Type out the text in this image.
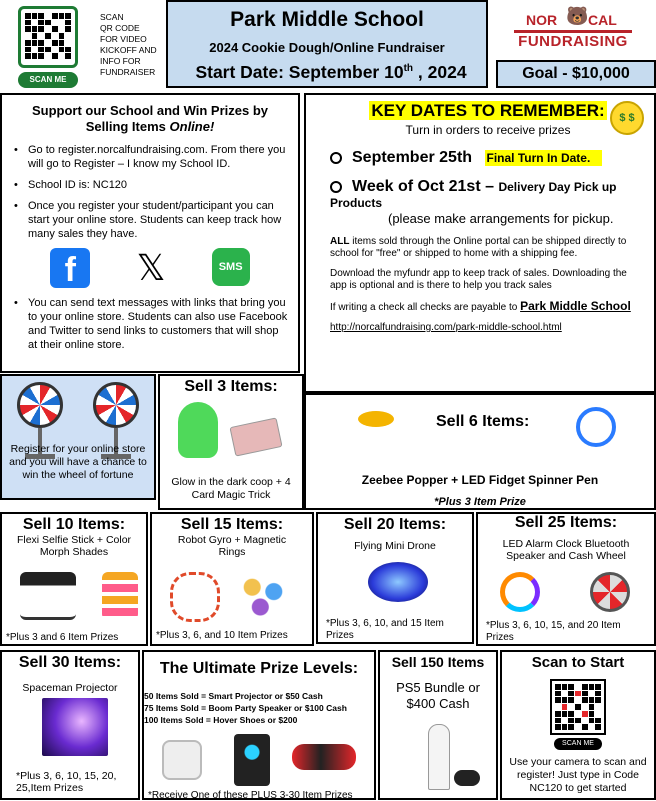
SCAN ME
SCAN
QR CODE
FOR VIDEO
KICKOFF AND
INFO FOR
FUNDRAISER
Park Middle School
2024 Cookie Dough/Online Fundraiser
Start Date: September 10th , 2024
NOR 🐻 CAL
FUNDRAISING
Goal - $10,000
Support our School and Win Prizes by Selling Items Online!
• Go to register.norcalfundraising.com. From there you will go to Register – I know my School ID.
• School ID is: NC120
• Once you register your student/participant you can start your online store. Students can keep track how many sales they have.
f	𝕏	SMS
• You can send text messages with links that bring you to your online store. Students can also use Facebook and Twitter to send links to customers that will shop at their online store.
KEY DATES TO REMEMBER:
Turn in orders to receive prizes
$ $
September 25th Final Turn In Date.
Week of Oct 21st – Delivery Day Pick up Products
(please make arrangements for pickup.
ALL items sold through the Online portal can be shipped directly to school for "free" or shipped to home with a shipping fee.
Download the myfundr app to keep track of sales. Downloading the app is optional and is there to help you track sales
If writing a check all checks are payable to Park Middle School
http://norcalfundraising.com/park-middle-school.html
Register for your online store and you will have a chance to win the wheel of fortune
Sell 3 Items:
Glow in the dark coop + 4 Card Magic Trick
Sell 6 Items:
Zeebee Popper + LED Fidget Spinner Pen
*Plus 3 Item Prize
Sell 10 Items:
Flexi Selfie Stick + Color Morph Shades
*Plus 3 and 6 Item Prizes
Sell 15 Items:
Robot Gyro + Magnetic Rings
*Plus 3, 6, and 10 Item Prizes
Sell 20 Items:
Flying Mini Drone
*Plus 3, 6, 10, and 15 Item Prizes
Sell 25 Items:
LED Alarm Clock Bluetooth Speaker and Cash Wheel
*Plus 3, 6, 10, 15, and 20 Item Prizes
Sell 30 Items:
Spaceman Projector
*Plus 3, 6, 10, 15, 20, 25,Item Prizes
The Ultimate Prize Levels:
50 Items Sold = Smart Projector or $50 Cash
75 Items Sold = Boom Party Speaker or $100 Cash
100 Items Sold = Hover Shoes or $200
*Receive One of these PLUS 3-30 Item Prizes
Sell 150 Items
PS5 Bundle or $400 Cash
Scan to Start
SCAN ME
Use your camera to scan and register! Just type in Code NC120 to get started
